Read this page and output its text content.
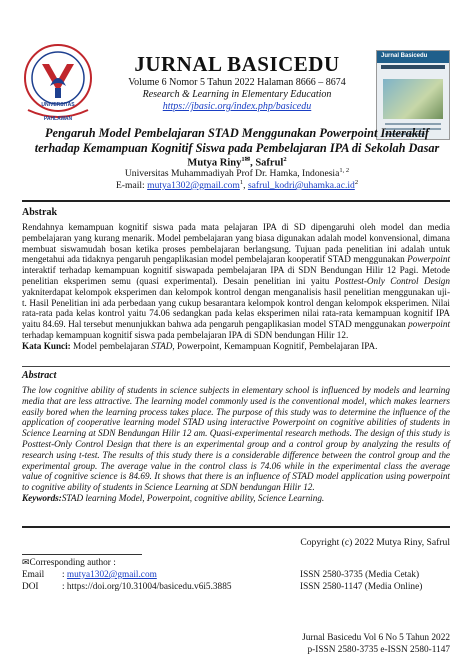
UNIVERSITAS
PAHLAWAN
JURNAL BASICEDU
Volume 6 Nomor 5 Tahun 2022 Halaman 8666 – 8674
Research & Learning in Elementary Education
https://jbasic.org/index.php/basicedu
Jurnal Basicedu
Pengaruh Model Pembelajaran STAD Menggunakan Powerpoint Interaktif
terhadap Kemampuan Kognitif Siswa pada Pembelajaran IPA di Sekolah Dasar
Mutya Riny$^{1✉}$, Safrul$^2$
Universitas Muhammadiyah Prof Dr. Hamka, Indonesia$^{1, 2}$
E-mail: mutya1302@gmail.com$^1$, $safrul\_kodri@uhamka.ac.id^2$
Abstrak
Rendahnya kemampuan kognitif siswa pada mata pelajaran IPA di SD dipengaruhi oleh model dan media pembelajaran yang kurang menarik. Model pembelajaran yang biasa digunakan adalah model konvensional, dimana membuat siswamudah bosan ketika proses pembelajaran berlangsung. Tujuan pada penelitian ini adalah untuk mengetahui ada tidaknya pengaruh pengaplikasian model pembelajaran kooperatif STAD menggunakan Powerpoint interaktif terhadap kemampuan kognitif siswapada pembelajaran IPA di SDN Bendungan Hilir 12 Pagi. Metode penelitian eksperimen semu (quasi experimental). Desain penelitian ini yaitu Posttest-Only Control Design yakniterdapat kelompok eksperimen dan kelompok kontrol dengan menganalisis hasil penelitian menggunakan uji-t. Hasil Penelitian ini ada perbedaan yang cukup besarantara kelompok kontrol dengan kelompok eksperimen. Nilai rata-rata pada kelas kontrol yaitu 74.06 sedangkan pada kelas eksperimen nilai rata-rata kemampuan kognitif IPA yaitu 84.69. Hal tersebut menunjukkan bahwa ada pengaruh pengaplikasian model STAD menggunakan powerpoint terhadap kemampuan kognitif siswa pada pembelajaran IPA di SDN bendungan Hilir 12.
Kata Kunci: Model pembelajaran STAD, Powerpoint, Kemampuan Kognitif, Pembelajaran IPA.
Abstract
The low cognitive ability of students in science subjects in elementary school is influenced by models and learning media that are less attractive. The learning model commonly used is the conventional model, which makes learners easily bored when the learning process takes place. The purpose of this study was to determine the influence of the application of cooperative learning model STAD using interactive Powerpoint on cognitive abilities of students in Science Learning at SDN Bendungan Hilir 12 am. Quasi-experimental research methods. The design of this study is Posttest-Only Control Design that there is an experimental group and a control group by analyzing the results of research using t-test. The results of this study there is a considerable difference between the control group and the experimental group. The average value in the control class is 74.06 while in the experimental class the average value of cognitive science is 84.69. It shows that there is an influence of STAD model application using powerpoint to cognitive ability of students in Science Learning at SDN bendungan Hilir 12.
Keywords:STAD learning Model, Powerpoint, cognitive ability, Science Learning.
Copyright (c) 2022 Mutya Riny, Safrul
✉Corresponding author :
Email : mutya1302@gmail.com
DOI	: https://doi.org/10.31004/basicedu.v6i5.3885
ISSN 2580-3735 (Media Cetak)
ISSN 2580-1147 (Media Online)
Jurnal Basicedu Vol 6 No 5 Tahun 2022
p-ISSN 2580-3735 e-ISSN 2580-1147
